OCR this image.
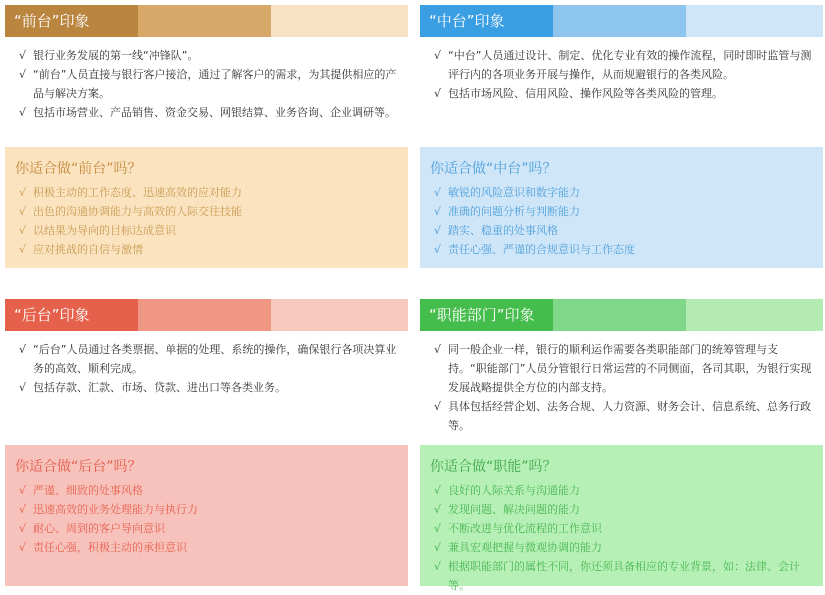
“前台”印象
√ 银行业务发展的第一线“冲锋队”。
√ “前台”人员直接与银行客户接洽，通过了解客户的需求，为其提供相应的产品与解决方案。
√ 包括市场营业、产品销售、资金交易、网银结算、业务咨询、企业调研等。
你适合做“前台”吗？
√ 积极主动的工作态度、迅速高效的应对能力
√ 出色的沟通协调能力与高效的人际交往技能
√ 以结果为导向的目标达成意识
√ 应对挑战的自信与激情
“中台”印象
√ “中台”人员通过设计、制定、优化专业有效的操作流程，同时即时监管与测评行内的各项业务开展与操作，从而规避银行的各类风险。
√ 包括市场风险、信用风险、操作风险等各类风险的管理。
你适合做“中台”吗？
√ 敏锐的风险意识和数字能力
√ 准确的问题分析与判断能力
√ 踏实、稳重的处事风格
√ 责任心强、严谨的合规意识与工作态度
“后台”印象
√ “后台”人员通过各类票据、单据的处理、系统的操作，确保银行各项决算业务的高效、顺利完成。
√ 包括存款、汇款、市场、贷款、进出口等各类业务。
你适合做“后台”吗？
√ 严谨、细致的处事风格
√ 迅速高效的业务处理能力与执行力
√ 耐心、周到的客户导向意识
√ 责任心强，积极主动的承担意识
“职能部门”印象
√ 同一般企业一样，银行的顺利运作需要各类职能部门的统筹管理与支持。“职能部门”人员分管银行日常运营的不同侧面，各司其职，为银行实现发展战略提供全方位的内部支持。
√ 具体包括经营企划、法务合规、人力资源、财务会计、信息系统、总务行政等。
你适合做“职能”吗？
√ 良好的人际关系与沟通能力
√ 发现问题、解决问题的能力
√ 不断改进与优化流程的工作意识
√ 兼具宏观把握与微观协调的能力
√ 根据职能部门的属性不同，你还须具备相应的专业背景，如：法律、会计等。
